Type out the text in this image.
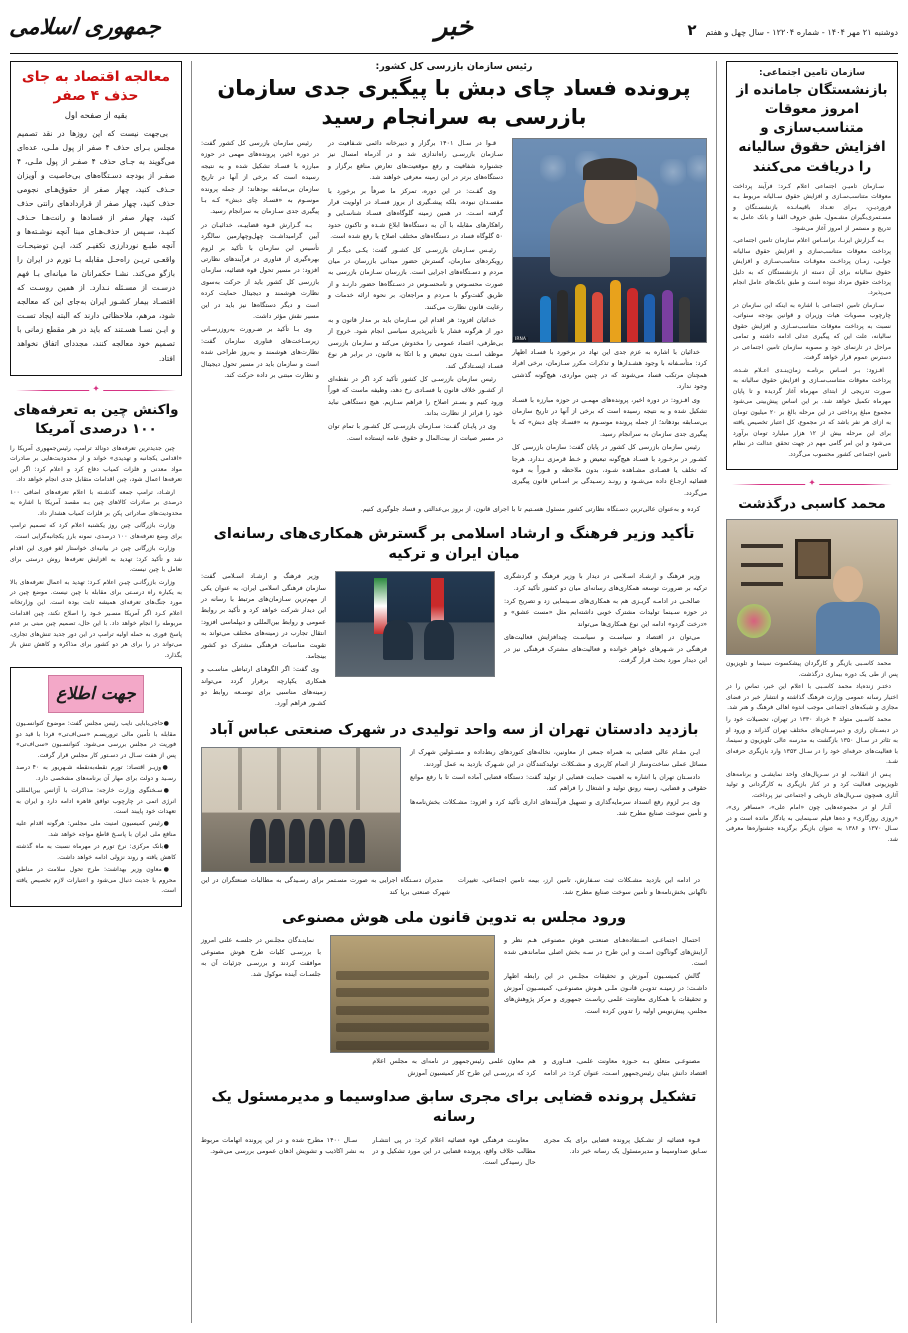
دوشنبه ۲۱ مهر ۱۴۰۴ - شماره ۱۲۲۰۴ - سال چهل و هفتم
۲
خبر
جمهوری اسلامی
سازمان تامین اجتماعی:
بازنشستگان جامانده از امروز معوقات متناسب‌سازی و افزایش حقوق سالیانه را دریافت می‌کنند

سـازمان تامیـن اجتماعی اعلام کـرد: فرآیند پرداخت معوقات متناسب‌سـازی و افزایش حقوق سـالیانه مربوط بـه فروردیـن، بـرای تعـداد باقیمانـده بازنشسـتگان و مسـتمری‌بگیران مشـمول، طبق حروف الفبا و بانک عامل به تدریج و مستمر از امروز آغاز می‌شود.

بـه گـزارش ایرنـا، براسـاس اعلام سازمان تامین اجتماعی، پرداخت معوقات متناسب‌سازی و افزایش حقوق سالیانه جولـی، زمـان پرداخـت معوقـات متناسب‌سـازی و افزایش حقوق سالیانه برای آن دسته از بازنشستگان که به دلیل پرداخت حقوق مرداد نبوده است و طبق بانک‌های عامل انجام می‌پذیرد.

سـازمان تامین اجتماعی با اشاره به اینکه این سازمان در چارچوب مصوبات هیات وزیران و قوانین بودجه سنواتی، نسبت به پرداخت معوقات متناسب‌سـازی و افزایش حقوق سالیانه، علت این که پیگیری عدلی ادامه داشته و تمامی مراحل در تارنمای خود و مصوبه سازمان تامین اجتماعی در دسترس عموم قرار خواهد گرفت.

افـزود: بـر اسـاس برنامـه زمان‌بنـدی اعـلام شـده، پرداخت معوقات متناسب‌سـازی و افزایش حقوق سالیانه به صورت تدریجی از ابتدای مهرماه آغاز گردیده و تا پایان مهرماه تکمیل خواهد شد. بر این اساس پیش‌بینی می‌شود مجموع مبلغ پرداختی در این مرحله بالغ بر ۲۰ میلیون تومان به ازای هر نفر باشد که در مجموع، کل اعتبار تخصیص یافته برای این مرحله بیش از ۱۲ هزار میلیارد تومان برآورد می‌شود و این امر گامی مهم در جهت تحقق عدالت در نظام تامین اجتماعی کشور محسوب می‌گردد.

✦
محمد کاسبی درگذشت

محمد کاسـبی بازیگر و کارگردان پیشکسوت سینما و تلویزیون پس از طی یک دوره بیماری درگذشت.

دختـر زنده‌یاد محمد کاسـبی با اعلام این خبر، تماس را در اختیار رسانه عمومی وزارت فرهنگ گذاشته و انتشار خبر در فضای مجازی و شبکه‌های اجتماعی موجب اندوه اهالی فرهنگ و هنر شد.

محمد کاسـبی متولد ۴ خرداد ۱۳۳۰ در تهران، تحصیلات خود را در دبسـتان رازی و دبیرسـتان‌های مختلف تهران گذراند و ورود او به تئاتر در سـال ۱۳۵۰ بازگشت به مدرسه عالی تلویزیون و سینما، با فعالیت‌های حرفه‌ای خود را در سـال ۱۳۵۳ وارد بازیگری حرفه‌ای شـد.

پـس از انقلاب، او در سـریال‌های واحد نمایشـی و برنامه‌های تلویزیونی فعالیت کرد و در کنار بازیگری به کارگردانی و تولید آثاری همچون سـریال‌های تاریخی و اجتماعی نیز پرداخت.

آثـار او در مجموعه‌هایی چون «امام علی»، «مسافر ری»، «روزی روزگاری» و ده‌ها فیلم سـینمایی به یادگار مانده است و در سـال ۱۳۷۰ و ۱۳۸۶ به عنوان بازیگر برگزیده جشنواره‌ها معرفی شد.

رئیس سازمان بازرسی کل کشور:
پرونده فساد چای دبش با پیگیری جدی سازمان بازرسی به سرانجام رسید

رئیس سازمان بازرسی کل کشور گفت: در دوره اخیر، پرونده‌های مهمی در حوزه مبارزه با فسـاد تشکیل شده و به نتیجه رسیده است که برخی از آنها در تاریخ سازمان بی‌سابقه بودهاند؛ از جمله پرونده موسـوم به «فسـاد چای دبش» کـه بـا پیگیری جدی سـازمان به سرانجام رسید.

بـه گـزارش قـوه قضاییـه، خدائیـان در آیین گرامیداشـت چهل‌وچهارمین سالگرد تأسیس این سازمان با تأکید بر لزوم بهره‌گیری از فناوری در فرآیندهای نظارتی افزود: در مسیر تحول قوه قضائیه، سازمان بازرسی کل کشور باید از حرکت به‌سوی نظارت هوشمند و دیجیتال حمایت کرده است و دیگر دستگاه‌ها نیز باید در این مسیر نقش مؤثر داشت.

وی بـا تأکید بر ضـرورت به‌روزرسـانی زیرسـاخت‌های فناوری سازمان گفت: نظارت‌های هوشمند و به‌روز طراحی شده است و سازمان باید در مسیر تحول دیجیتال و نظارت مبتنی بر داده حرکت کند.

قـوا در سـال ۱۴۰۱ برگزار و دبیرخانه دائمی شـفافیت در سـازمان بازرسـی راه‌اندازی شد و در آذرماه امسال نیز جشنواره شفافیت و رفع موقعیت‌های تعارض منافع برگزار و دستگاه‌های برتر در این زمینه معرفی خواهند شد.

وی گفـت: در این دوره، تمرکز ما صرفاً بر برخورد با مفسـدان نبوده، بلکه پیشـگیری از بروز فسـاد در اولویت قرار گرفته اسـت. در همین زمینه گلوگاه‌های فسـاد شناسـایی و راهکارهای مقابله با آن به دستگاه‌ها ابلاغ شـده و تاکنون حدود ۵۰ گلوگاه فساد در دستگاه‌های مختلف اصلاح یا رفع شده است.

رئیـس سـازمان بازرسـی کل کشـور گفت: یکـی دیگـر از رویکردهای سازمان، گسترش حضور میدانی بازرسان در میان مردم و دسـتگاه‌های اجرایی است. بازرسان سـازمان بازرسی به صورت محسـوس و نامحسـوس در دسـتگاه‌ها حضور دارنـد و از طریق گفت‌وگو با مـردم و مراجعان، بر نحوه ارائه خدمات و رعایت قانون نظارت می‌کنند.

خدائیان افزود: هر اقدام این سـازمان باید بر مدار قانون و به دور از هرگونه فشار یا تأثیرپذیری سیاسی انجام شود. خروج از بی‌طرفی، اعتماد عمومی را مخدوش می‌کند و سازمان بازرسی موظف اسـت بدون تبعیض و با اتکا به قانون، در برابر هر نوع فسـاد ایسـتادگی کند.

رئیس سازمان بازرسـی کل کشور تأکید کرد اگر در نقطه‌ای از کشـور خلاف قانون یا فسـادی رخ دهد، وظیفه ماست که فوراً ورود کنیم و بسـتر اصلاح را فراهم سـازیم. هیچ دستگاهی نباید خود را فراتر از نظارت بداند.

وی در پایـان گفـت: سـازمان بازرسـی کل کشـور با تمام توان در مسیر صیانت از بیت‌المال و حقوق عامه ایستاده است.

IRNA

خدائیان با اشاره به عزم جدی این نهاد در برخورد با فسـاد اظهار کرد: متأسـفانه با وجود هشـدارها و تذکرات مکرر سـازمان، برخی افراد همچنان مرتکب فساد می‌شوند که در چنین مواردی، هیچ‌گونه گذشتی وجود ندارد.

وی افـزود: در دوره اخیر، پرونده‌های مهمـی در حوزه مبارزه با فسـاد تشکیل شده و به نتیجه رسیده است که برخی از آنها در تاریخ سازمان بی‌سـابقه بودهاند؛ از جمله پرونده موسـوم به «فسـاد چای دبش» که با پیگیری جدی سازمان به سرانجام رسید.

رئیس سازمان بازرسی کل کشور در پایان گفت: سازمان بازرسی کل کشـور در برخـورد با فسـاد هیچ‌گونه تبعیض و خـط قرمزی نـدارد. هرجا که تخلف یا قصـادی مشـاهده شـود، بدون ملاحظه و فـوراً به قـوه قضائیه ارجـاع داده می‌شـود و رونـد رسـیدگی بر اسـاس قانون پیگیری می‌گردد.

کرده و به‌عنوان عالی‌ترین دسـتگاه نظارتی کشور مسئول هسـتیم تا با اجرای قانون، از بروز بی‌عدالتی و فساد جلوگیری کنیم.

تأکید وزیر فرهنگ و ارشاد اسلامی بر گسترش همکاری‌های رسانه‌ای میان ایران و ترکیه

وزیر فرهنگ و ارشـاد اسـلامی گفت: سازمان فرهنگی اسلامی ایران، به عنوان یکی از مهم‌ترین سـازمان‌های مرتبط با رسانه در این دیدار شرکت خواهد کرد و تأکید بر روابط عمومی و روابط بین‌المللی و دیپلماسی افزود: انتقال تجارب در زمینه‌های مختلف می‌تواند به تقویت مناسبات فرهنگی مشترک دو کشور بینجامد.

وی گفت: اگر الگوهـای ارتباطی مناسـب و همکاری یکپارچه برقرار گردد می‌تواند زمینه‌های مناسبی برای توسـعه روابط دو کشـور فراهم آورد.

وزیر فرهنگ و ارشـاد اسـلامی در دیدار با وزیر فرهنگ و گردشگری ترکیه بر ضرورت توسعه همکاری‌های رسانه‌ای میان دو کشور تأکید کرد.

صالحـی در ادامـه گریـزی هم به همکاری‌های سـینمایی زد و تصریح کرد: در حوزه سـینما تولیدات مشترک خوبی داشته‌ایم مثل «مست عشق» و «درخت گردو» ادامه این نوع همکاری‌ها می‌تواند

می‌توان در اقتصاد و سیاسـت و سیاسـت چیدافزایش فعالیت‌های فرهنگی در شـهرهای خواهر خوانده و فعالیت‌های مشترک فرهنگی نیز در این دیدار مورد بحث قرار گرفت.

بازدید دادستان تهران از سه واحد تولیدی در شهرک صنعتی عباس آباد

ایـن مقـام عالی قضایی به همراه جمعی از معاونین، نخاله‌های کنوردهای ربط‌داده و مسـئولین شهرک از مسائل عملی ساخت‌وساز از اتمام کاربری و مشـکلات تولیدکنندگان در این شـهرک بازدید به عمل آوردند.

دادسـتان تهران با اشاره به اهمیت حمایت قضایی از تولید گفت: دستگاه قضایی آماده است تا با رفع موانع حقوقی و قضایی، زمینه رونق تولید و اشتغال را فراهم کند.

وی بـر لزوم رفع انسداد سرمایه‌گذاری و تسهیل فرآیندهای اداری تأکید کرد و افزود: مشـکلات بخش‌نامه‌ها و تأمین سوخت صنایع مطرح شد.

در ادامه این بازدید مشـکلات ثبت سـفارش، تامین ارز، بیمه تامین اجتماعی، تغییرات ناگهانی بخش‌نامه‌ها و تأمین سوخت صنایع مطرح شد.

مدیران دسـتگاه اجرایی به صورت مسـتمر برای رسـیدگی به مطالبات صنعتگران در این شهرک صنعتی برپا کند

ورود مجلس به تدوین قانون ملی هوش مصنوعی

نماینـدگان مجلـس در جلسـه علنی امروز با بررسـی کلیات طرح هوش مصنوعی موافقت کردند و بررسـی جزئیات آن به جلسـات آینده موکول شد.

احتمال اجتماعـی اسـتفاده‌هـای صنعتـی هوش مصنوعی هـم نظر و آرایش‌های گوناگون اسـت و این طرح در سـه بخش اصلی ساماندهی شده است.

گالش کمیسـیون آموزش و تحقیقات مجلـس در این رابطه اظهار داشـت: در زمینـه تدویـن قانـون ملـی هـوش مصنوعـی، کمیسـیون آموزش و تحقیقات با همکاری معاونت علمی ریاسـت جمهوری و مرکز پژوهش‌های مجلس، پیش‌نویس اولیه را تدوین کرده است.

مصنوعـی متعلق بـه حـوزه معاونت علمی، فنـاوری و اقتصاد دانش بنیان رئیس‌جمهور اسـت، عنوان کرد: در ادامه هم معاون علمی رئیس‌جمهور در نامه‌ای به مجلس اعلام کرد که بررسـی این طرح کار کمیسیون آموزش

تشکیل پرونده قضایی برای مجری سابق صداوسیما و مدیرمسئول یک رسانه

قـوه قضائیه از تشـکیل پرونده قضایی برای یک مجری سـابق صداوسیما و مدیرمسئول یک رسانه خبر داد.

معاونـت فرهنگی قوه قضائیه اعلام کرد: در پی انتشـار مطالب خلاف واقع، پرونده قضایی در این مورد تشکیل و در حال رسیدگی است.

سـال ۱۴۰۰ مطرح شده و در این پرونده اتهامات مربوط به نشر اکاذیب و تشویش اذهان عمومی بررسی می‌شود.

معالجه اقتصاد به جای حذف ۴ صفر
بقیه از صفحه اول

بی‌جهت نیست که این روزها در نقد تصمیم مجلس بـرای حذف ۴ صفر از پول ملـی، عده‌ای می‌گویند به جـای حذف ۴ صفـر از پول ملـی، ۴ صفـر از بودجه دسـتگاه‌های بی‌خاصیت و آویزان حـذف کنید، چهار صفر از حقوق‌هـای نجومی حذف کنید، چهار صفر از قراردادهای رانتی حذف کنید، چهار صفر از فسادها و رانت‌هـا حـذف کنیـد، سـپس از حذف‌هـای مبنا آنچه نوشـته‌ها و آنچه طبـع نوردارزی تکفیـر کند، ایـن توضیحـات واقعـی تریـن راه‌حـل مقابله بـا تورم در ایران را بازگو می‌کند. نشـا حکمرانان ما میانه‌ای بـا فهم درسـت از مسـئله نـدارد. از همین روسـت که اقتصـاد بیمار کشـور ایران به‌جای این که معالجه شود، مرهم، ملاحظاتی دارند که البته ایجاد تسـت و ایـن نسـا هسـتند که باید در هر مقطع زمانی با تصمیم خود معالجه کنند، مجددای اتفاق نخواهد افتاد.

✦
واکنش چین به تعرفه‌های ۱۰۰ درصدی آمریکا

چین جدیدترین تعرفه‌های دونالد ترامپ، رئیس‌جمهوری آمریکا را «اقدامی یکجانبه و تهدیدی» خواند و از محدودیت‌هایی بر صادرات مواد معدنی و فلزات کمیاب دفاع کرد و اعلام کرد: اگر این تعرفه‌ها اعمال شود، چین اقدامات متقابل جدی انجام خواهد داد.

ارشـاد، ترامپ جمعه گذشـته با اعلام تعرفه‌های اضافی ۱۰۰ درصدی بر صادرات کالاهای چین بـه مقصد آمریکا با اشاره به محدودیت‌های صادراتی پکن بر فلزات کمیاب هشدار داد.

وزارت بازرگانی چین روز یکشنبه اعلام کرد که تصمیم ترامپ برای وضع تعرفه‌های ۱۰۰ درصدی، نمونه بارز یکجانبه‌گرایی است.

وزارت بازرگانی چین در بیانیه‌ای خواستار لغو فوری این اقدام شد و تأکید کرد: تهدید به افزایش تعرفه‌ها روش درستی برای تعامل با چین نیست.

وزارت بازرگانـی چیـن اعلام کـرد: تهدید به اعمال تعرفه‌های بالا به یکباره راه درسـتی برای مقابله با چین نیست. موضع چین در مورد جنگ‌های تعرفه‌ای همیشه ثابت بوده است. این وزارتخانه اعلام کـرد اگر آمریکا مسـیر خـود را اصلاح نکند، چین اقدامات مربوطه را انجام خواهد داد. با این حال، تصمیم چین مبنی بر عدم پاسخ فوری به حمله اولیه ترامپ در این دور جدید تنش‌های تجاری، می‌تواند در را برای هر دو کشور برای مذاکره و کاهش تنش باز بگذارد.

جهت اطلاع

●حاجی‌بابایی نایب رئیس مجلس گفت: موضوع کنوانسـیون مقابله با تأمین مالی تروریسـم «سی‌اف‌تی» فردا با قید دو فوریت در مجلس بررسی می‌شود. کنوانسـیون «سی‌اف‌تی» پس از هفت سـال در دسـتور کار مجلس قرار گرفت.

●وزیـر اقتصاد: تورم نقطه‌به‌نقطه شـهریور به ۴۰ درصد رسـید و دولت برای مهار آن برنامه‌های مشخصی دارد.

●سـخنگوی وزارت خارجه: مذاکرات با آژانس بین‌المللی انرژی اتمی در چارچوب توافق قاهره ادامه دارد و ایران به تعهدات خود پایبند است.

●رئیس کمیسیون امنیت ملی مجلس: هرگونه اقدام علیه منافع ملی ایران با پاسـخ قاطع مواجه خواهد شد.

●بانک مرکزی: نرخ تورم در مهرماه نسبت به ماه گذشته کاهش یافته و روند نزولی ادامه خواهد داشت.

●معاون وزیر بهداشت: طرح تحول سلامت در مناطق محروم با جدیت دنبال می‌شود و اعتبارات لازم تخصیص یافته است.
